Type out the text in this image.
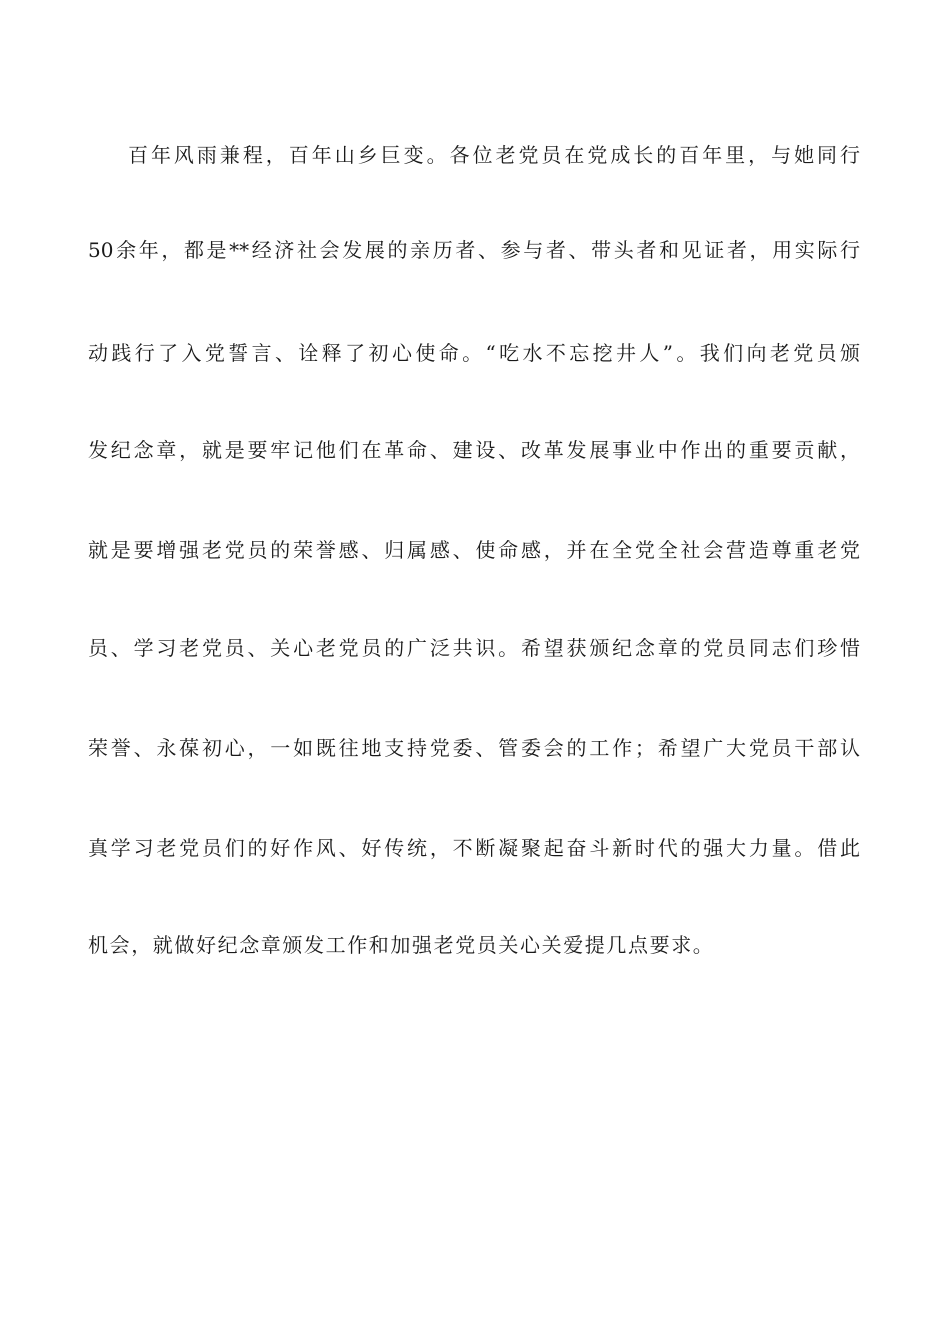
百年风雨兼程，百年山乡巨变。各位老党员在党成长的百年里，与她同行
50余年，都是**经济社会发展的亲历者、参与者、带头者和见证者，用实际行
动践行了入党誓言、诠释了初心使命。“吃水不忘挖井人”。我们向老党员颁
发纪念章，就是要牢记他们在革命、建设、改革发展事业中作出的重要贡献，
就是要增强老党员的荣誉感、归属感、使命感，并在全党全社会营造尊重老党
员、学习老党员、关心老党员的广泛共识。希望获颁纪念章的党员同志们珍惜
荣誉、永葆初心，一如既往地支持党委、管委会的工作；希望广大党员干部认
真学习老党员们的好作风、好传统，不断凝聚起奋斗新时代的强大力量。借此
机会，就做好纪念章颁发工作和加强老党员关心关爱提几点要求。
